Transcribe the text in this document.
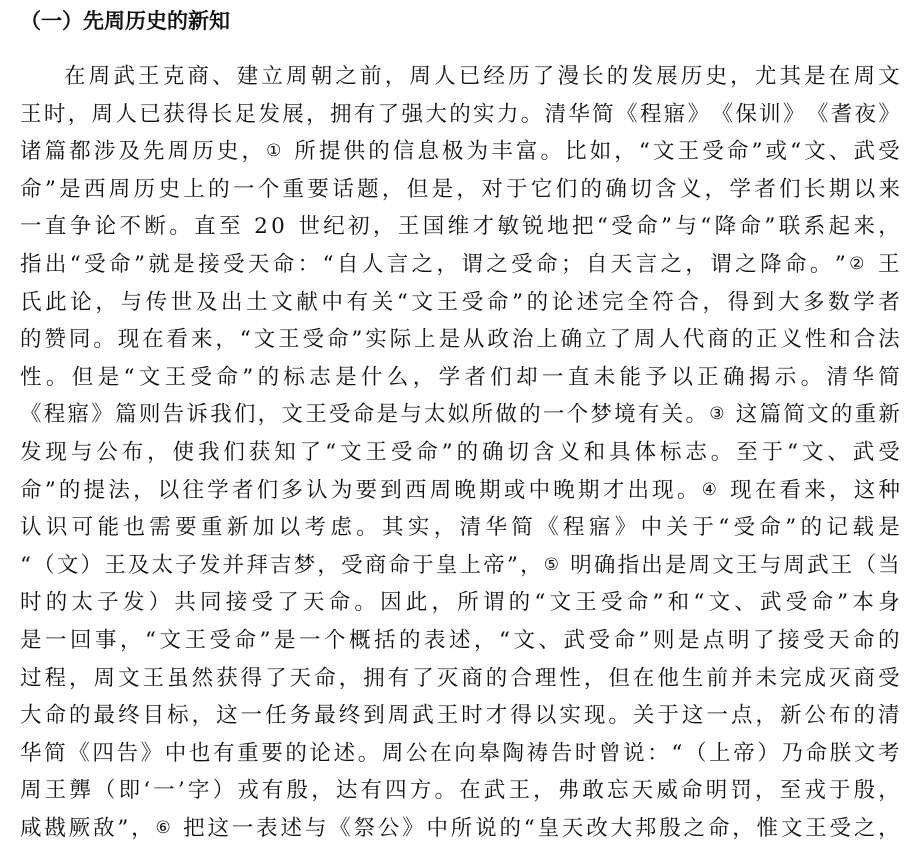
（一）先周历史的新知
在 周 武 王 克 商 、 建 立 周 朝 之 前 ， 周 人 已 经 历 了 漫 长 的 发 展 历 史 ， 尤 其 是 在 周 文
王 时 ， 周 人 已 获 得 长 足 发 展 ， 拥 有 了 强 大 的 实 力 。 清 华 简 《 程 寤 》 《 保 训 》 《 耆 夜 》
诸 篇 都 涉 及 先 周 历 史 ， ①
所 提 供 的 信 息 极 为 丰 富 。 比 如 ， “ 文 王 受 命 ” 或 “ 文 、 武 受
命 ” 是 西 周 历 史 上 的 一 个 重 要 话 题 ， 但 是 ， 对 于 它 们 的 确 切 含 义 ， 学 者 们 长 期 以 来
一 直 争 论 不 断 。 直 至
2 0
世 纪 初 ， 王 国 维 才 敏 锐 地 把 “ 受 命 ” 与 “ 降 命 ” 联 系 起 来 ，
指 出 “ 受 命 ” 就 是 接 受 天 命 ： “ 自 人 言 之 ， 谓 之 受 命 ； 自 天 言 之 ， 谓 之 降 命 。 ” ②
王
氏 此 论 ， 与 传 世 及 出 土 文 献 中 有 关 “ 文 王 受 命 ” 的 论 述 完 全 符 合 ， 得 到 大 多 数 学 者
的 赞 同 。 现 在 看 来 ， “ 文 王 受 命 ” 实 际 上 是 从 政 治 上 确 立 了 周 人 代 商 的 正 义 性 和 合 法
性 。 但 是 “ 文 王 受 命 ” 的 标 志 是 什 么 ， 学 者 们 却 一 直 未 能 予 以 正 确 揭 示 。 清 华 简
《 程 寤 》 篇 则 告 诉 我 们 ， 文 王 受 命 是 与 太 姒 所 做 的 一 个 梦 境 有 关 。 ③
这 篇 简 文 的 重 新
发 现 与 公 布 ， 使 我 们 获 知 了 “ 文 王 受 命 ” 的 确 切 含 义 和 具 体 标 志 。 至 于 “ 文 、 武 受
命 ” 的 提 法 ， 以 往 学 者 们 多 认 为 要 到 西 周 晚 期 或 中 晚 期 才 出 现 。 ④
现 在 看 来 ， 这 种
认 识 可 能 也 需 要 重 新 加 以 考 虑 。 其 实 ， 清 华 简 《 程 寤 》 中 关 于 “ 受 命 ” 的 记 载 是
“ （ 文 ） 王 及 太 子 发 并 拜 吉 梦 ， 受 商 命 于 皇 上 帝 ” ， ⑤
明 确 指 出 是 周 文 王 与 周 武 王 （ 当
时 的 太 子 发 ） 共 同 接 受 了 天 命 。 因 此 ， 所 谓 的 “ 文 王 受 命 ” 和 “ 文 、 武 受 命 ” 本 身
是 一 回 事 ， “ 文 王 受 命 ” 是 一 个 概 括 的 表 述 ， “ 文 、 武 受 命 ” 则 是 点 明 了 接 受 天 命 的
过 程 ， 周 文 王 虽 然 获 得 了 天 命 ， 拥 有 了 灭 商 的 合 理 性 ， 但 在 他 生 前 并 未 完 成 灭 商 受
大 命 的 最 终 目 标 ， 这 一 任 务 最 终 到 周 武 王 时 才 得 以 实 现 。 关 于 这 一 点 ， 新 公 布 的 清
华 简 《 四 告 》 中 也 有 重 要 的 论 述 。 周 公 在 向 皋 陶 祷 告 时 曾 说 ： “ （ 上 帝 ） 乃 命 朕 文 考
周 王 龏 （ 即 ‘ 一 ’ 字 ） 戎 有 殷 ， 达 有 四 方 。 在 武 王 ， 弗 敢 忘 天 威 命 明 罚 ， 至 戎 于 殷 ，
咸 戡 厥 敌 ” ， ⑥
把 这 一 表 述 与 《 祭 公 》 中 所 说 的 “ 皇 天 改 大 邦 殷 之 命 ， 惟 文 王 受 之 ，
